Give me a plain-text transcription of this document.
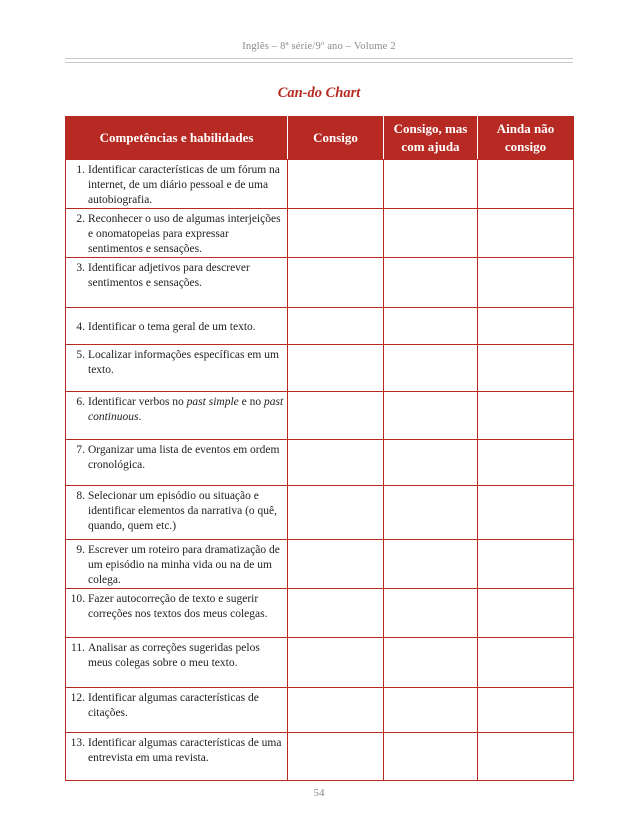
Inglês – 8ª série/9º ano – Volume 2
Can-do Chart
Competências e habilidades	Consigo	Consigo, mas com ajuda	Ainda não consigo

1. Identificar características de um fórum na internet, de um diário pessoal e de uma autobiografia.			

2. Reconhecer o uso de algumas interjeições e onomatopeias para expressar sentimentos e sensações.			

3. Identificar adjetivos para descrever sentimentos e sensações.			

4. Identificar o tema geral de um texto.			

5. Localizar informações específicas em um texto.			

6. Identificar verbos no past simple e no past continuous.			

7. Organizar uma lista de eventos em ordem cronológica.			

8. Selecionar um episódio ou situação e identificar elementos da narrativa (o quê, quando, quem etc.)			

9. Escrever um roteiro para dramatização de um episódio na minha vida ou na de um colega.			

10. Fazer autocorreção de texto e sugerir correções nos textos dos meus colegas.			

11. Analisar as correções sugeridas pelos meus colegas sobre o meu texto.			

12. Identificar algumas características de citações.			

13. Identificar algumas características de uma entrevista em uma revista.			

54
